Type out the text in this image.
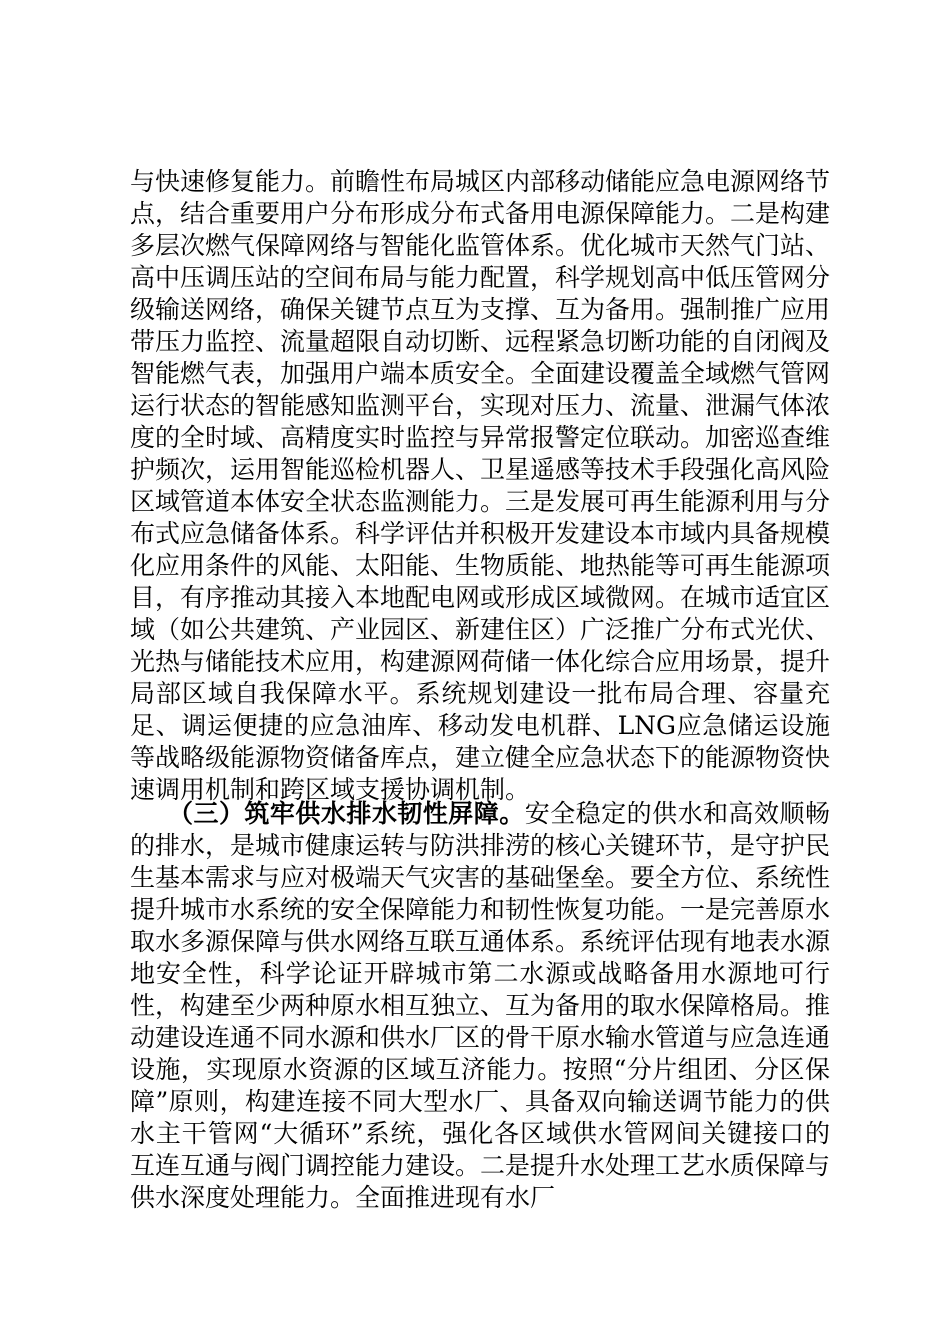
与快速修复能力。前瞻性布局城区内部移动储能应急电源网络节点，结合重要用户分布形成分布式备用电源保障能力。二是构建多层次燃气保障网络与智能化监管体系。优化城市天然气门站、高中压调压站的空间布局与能力配置，科学规划高中低压管网分级输送网络，确保关键节点互为支撑、互为备用。强制推广应用带压力监控、流量超限自动切断、远程紧急切断功能的自闭阀及智能燃气表，加强用户端本质安全。全面建设覆盖全域燃气管网运行状态的智能感知监测平台，实现对压力、流量、泄漏气体浓度的全时域、高精度实时监控与异常报警定位联动。加密巡查维护频次，运用智能巡检机器人、卫星遥感等技术手段强化高风险区域管道本体安全状态监测能力。三是发展可再生能源利用与分布式应急储备体系。科学评估并积极开发建设本市域内具备规模化应用条件的风能、太阳能、生物质能、地热能等可再生能源项目，有序推动其接入本地配电网或形成区域微网。在城市适宜区域（如公共建筑、产业园区、新建住区）广泛推广分布式光伏、光热与储能技术应用，构建源网荷储一体化综合应用场景，提升局部区域自我保障水平。系统规划建设一批布局合理、容量充足、调运便捷的应急油库、移动发电机群、LNG应急储运设施等战略级能源物资储备库点，建立健全应急状态下的能源物资快速调用机制和跨区域支援协调机制。

（三）筑牢供水排水韧性屏障。安全稳定的供水和高效顺畅的排水，是城市健康运转与防洪排涝的核心关键环节，是守护民生基本需求与应对极端天气灾害的基础堡垒。要全方位、系统性提升城市水系统的安全保障能力和韧性恢复功能。一是完善原水取水多源保障与供水网络互联互通体系。系统评估现有地表水源地安全性，科学论证开辟城市第二水源或战略备用水源地可行性，构建至少两种原水相互独立、互为备用的取水保障格局。推动建设连通不同水源和供水厂区的骨干原水输水管道与应急连通设施，实现原水资源的区域互济能力。按照“分片组团、分区保障”原则，构建连接不同大型水厂、具备双向输送调节能力的供水主干管网“大循环”系统，强化各区域供水管网间关键接口的互连互通与阀门调控能力建设。二是提升水处理工艺水质保障与供水深度处理能力。全面推进现有水厂
